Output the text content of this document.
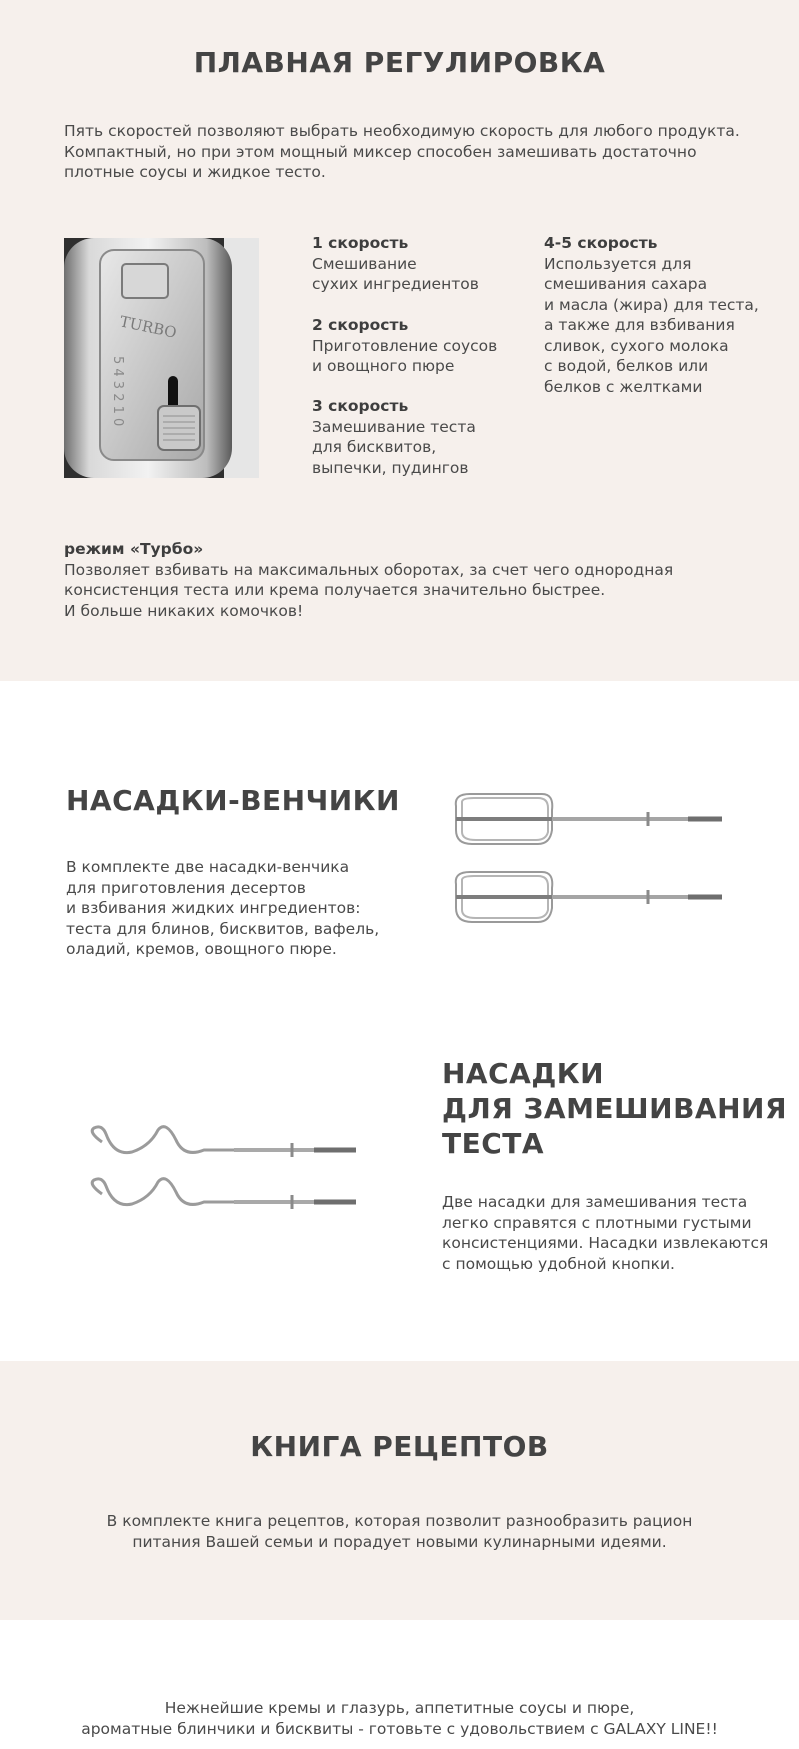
ПЛАВНАЯ РЕГУЛИРОВКА

Пять скоростей позволяют выбрать необходимую скорость для любого продукта.

Компактный, но при этом мощный миксер способен замешивать достаточно

плотные соусы и жидкое тесто.

TURBO
5 4 3 2 1 0

1 скорость

Смешивание

сухих ингредиентов

2 скорость

Приготовление соусов

и овощного пюре

3 скорость

Замешивание теста

для бисквитов,

выпечки, пудингов

4-5 скорость

Используется для

смешивания сахара

и масла (жира) для теста,

а также для взбивания

сливок, сухого молока

с водой, белков или

белков с желтками

режим «Турбо»

Позволяет взбивать на максимальных оборотах, за счет чего однородная

консистенция теста или крема получается значительно быстрее.

И больше никаких комочков!

НАСАДКИ-ВЕНЧИКИ

В комплекте две насадки-венчика

для приготовления десертов

и взбивания жидких ингредиентов:

теста для блинов, бисквитов, вафель,

оладий, кремов, овощного пюре.

НАСАДКИ
ДЛЯ ЗАМЕШИВАНИЯ
ТЕСТА

Две насадки для замешивания теста

легко справятся с плотными густыми

консистенциями. Насадки извлекаются

с помощью удобной кнопки.

КНИГА РЕЦЕПТОВ

В комплекте книга рецептов, которая позволит разнообразить рацион

питания Вашей семьи и порадует новыми кулинарными идеями.

Нежнейшие кремы и глазурь, аппетитные соусы и пюре,

ароматные блинчики и бисквиты - готовьте с удовольствием с GALAXY LINE!!
